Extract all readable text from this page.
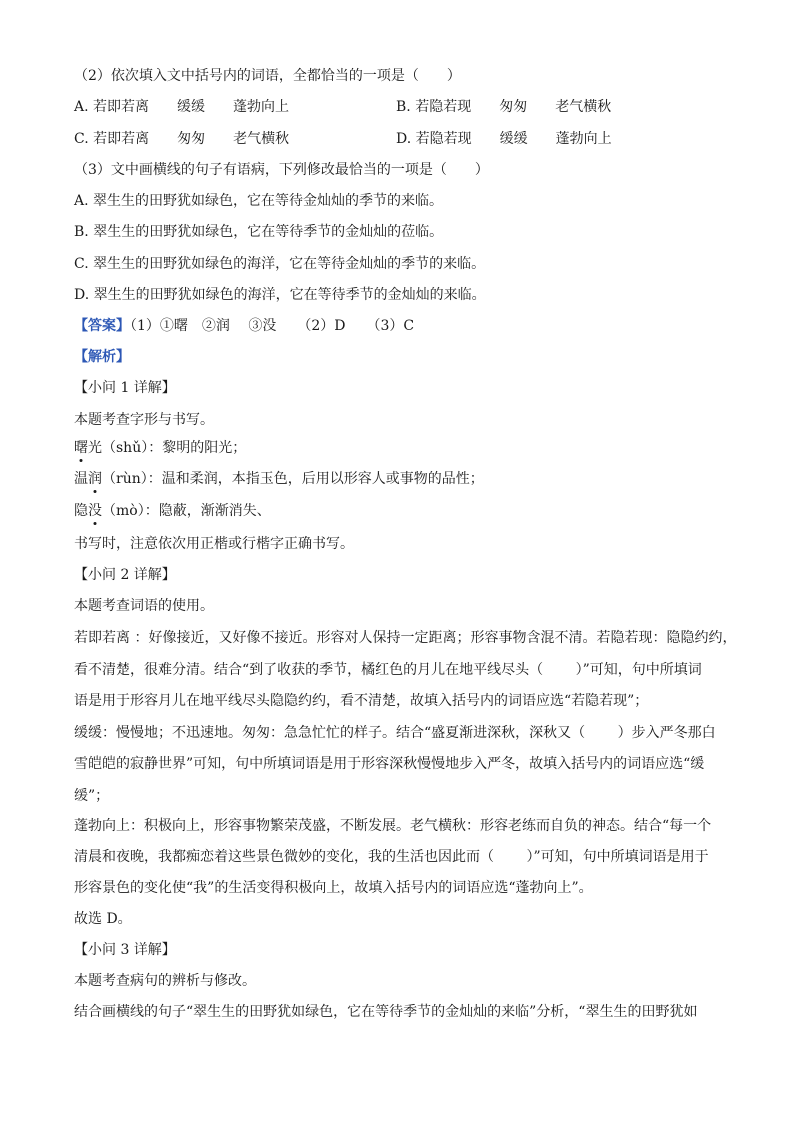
（2）依次填入文中括号内的词语，全都恰当的一项是（　　）
A. 若即若离　　缓缓　　蓬勃向上	B. 若隐若现　　匆匆　　老气横秋
C. 若即若离　　匆匆　　老气横秋	D. 若隐若现　　缓缓　　蓬勃向上
（3）文中画横线的句子有语病，下列修改最恰当的一项是（　　）
A. 翠生生的田野犹如绿色，它在等待金灿灿的季节的来临。
B. 翠生生的田野犹如绿色，它在等待季节的金灿灿的莅临。
C. 翠生生的田野犹如绿色的海洋，它在等待金灿灿的季节的来临。
D. 翠生生的田野犹如绿色的海洋，它在等待季节的金灿灿的来临。
【答案】（1）①曙　②润　 ③没　　（2）D　　（3）C
【解析】
【小问 1 详解】
本题考查字形与书写。
曙光（shǔ）：黎明的阳光；
温润（rùn）：温和柔润，本指玉色，后用以形容人或事物的品性；
隐没（mò）：隐蔽，渐渐消失、
书写时，注意依次用正楷或行楷字正确书写。
【小问 2 详解】
本题考查词语的使用。
若即若离 ：好像接近，又好像不接近。形容对人保持一定距离；形容事物含混不清。若隐若现：隐隐约约，
看不清楚，很难分清。结合“到了收获的季节，橘红色的月儿在地平线尽头（　　 ）”可知，句中所填词
语是用于形容月儿在地平线尽头隐隐约约，看不清楚，故填入括号内的词语应选“若隐若现”；
缓缓：慢慢地；不迅速地。匆匆：急急忙忙的样子。结合“盛夏渐进深秋，深秋又（　　 ）步入严冬那白
雪皑皑的寂静世界”可知，句中所填词语是用于形容深秋慢慢地步入严冬，故填入括号内的词语应选“缓
缓”；
蓬勃向上：积极向上，形容事物繁荣茂盛，不断发展。老气横秋：形容老练而自负的神态。结合“每一个
清晨和夜晚，我都痴恋着这些景色微妙的变化，我的生活也因此而（　　 ）”可知，句中所填词语是用于
形容景色的变化使“我”的生活变得积极向上，故填入括号内的词语应选“蓬勃向上”。
故选 D。
【小问 3 详解】
本题考查病句的辨析与修改。
结合画横线的句子“翠生生的田野犹如绿色，它在等待季节的金灿灿的来临”分析，“翠生生的田野犹如
